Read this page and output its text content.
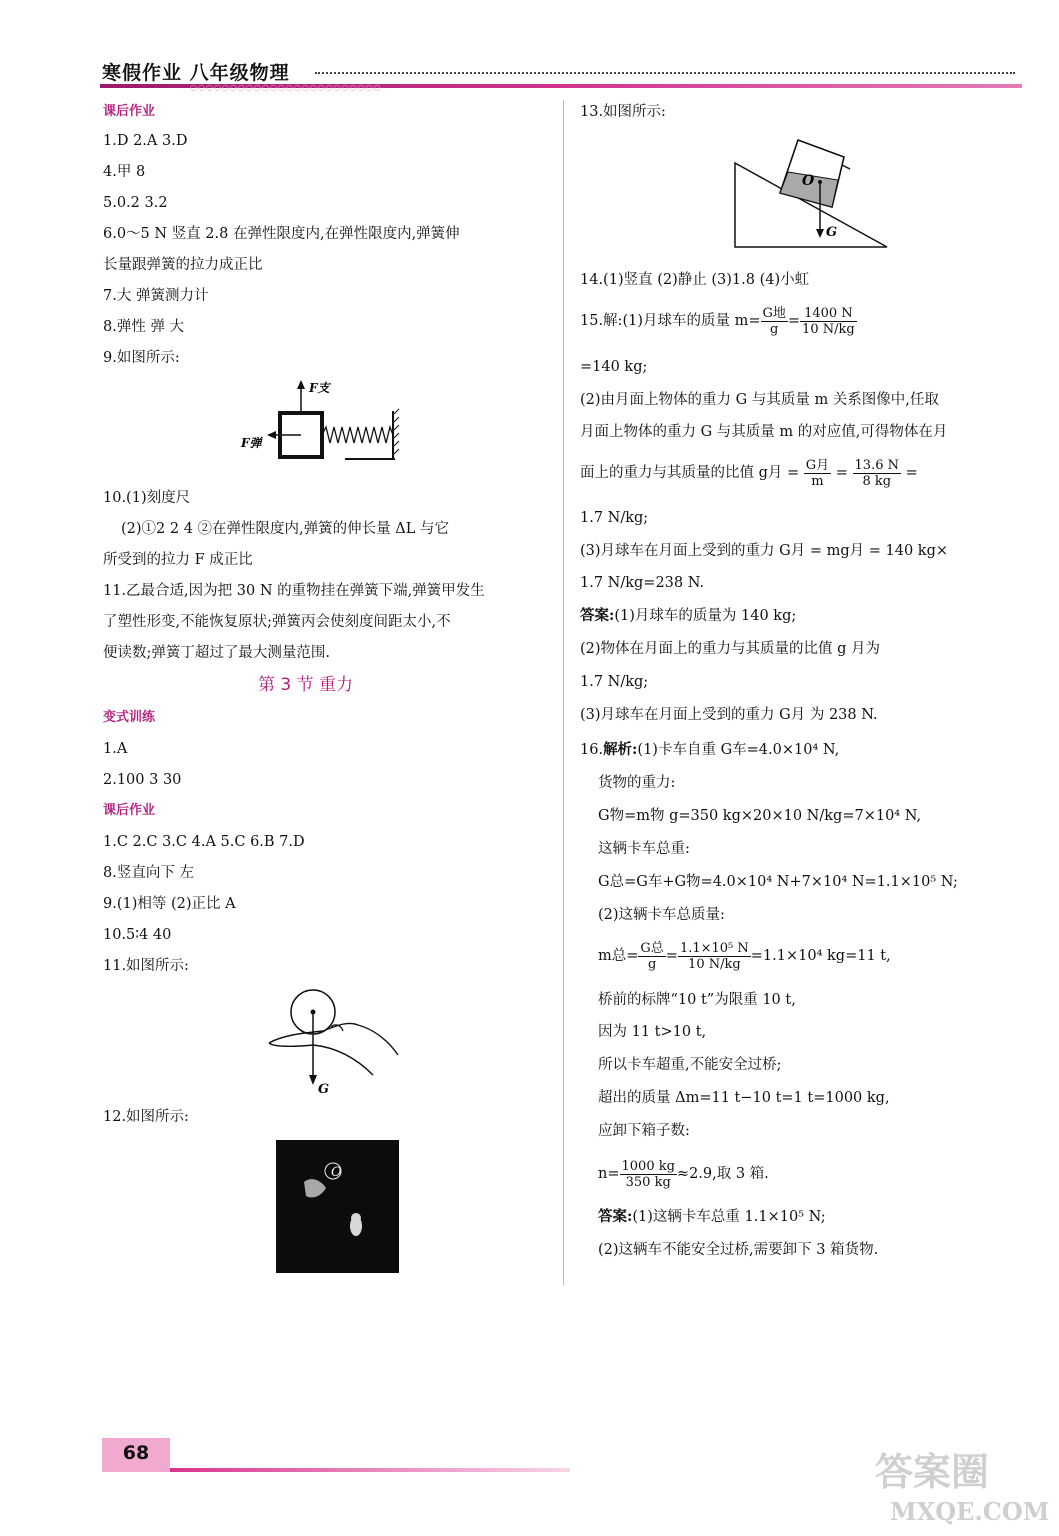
寒假作业 八年级物理
○○○○○○○○○○○○○○○○○○○○○○○○
课后作业
1.D 2.A 3.D
4.甲 8
5.0.2 3.2
6.0～5 N 竖直 2.8 在弹性限度内,在弹性限度内,弹簧伸
长量跟弹簧的拉力成正比
7.大 弹簧测力计
8.弹性 弹 大
9.如图所示:
F支
F弹
10.(1)刻度尺
(2)①2 2 4 ②在弹性限度内,弹簧的伸长量 ΔL 与它
所受到的拉力 F 成正比
11.乙最合适,因为把 30 N 的重物挂在弹簧下端,弹簧甲发生
了塑性形变,不能恢复原状;弹簧丙会使刻度间距太小,不
便读数;弹簧丁超过了最大测量范围.
第 3 节 重力
变式训练
1.A
2.100 3 30
课后作业
1.C 2.C 3.C 4.A 5.C 6.B 7.D
8.竖直向下 左
9.(1)相等 (2)正比 A
10.5∶4 40
11.如图所示:
G
12.如图所示:
O
13.如图所示:
O
G
14.(1)竖直 (2)静止 (3)1.8 (4)小虹
15.解:(1)月球车的质量 $m= \frac{\text{G地}}{g} = \frac{1400 N}{10 N/kg}$
=140 kg;
(2)由月面上物体的重力 G 与其质量 m 关系图像中,任取
月面上物体的重力 G 与其质量 m 的对应值,可得物体在月
面上的重力与其质量的比值 g月 = $\frac{\text{G月}}{m} = \frac{13.6 N}{8 kg}$ =
1.7 N/kg;
(3)月球车在月面上受到的重力 G月 = mg月 = 140 kg×
1.7 N/kg=238 N.
答案:(1)月球车的质量为 140 kg;
(2)物体在月面上的重力与其质量的比值 g 月为
1.7 N/kg;
(3)月球车在月面上受到的重力 G月 为 238 N.
16.解析:(1)卡车自重 G车=4.0×10⁴ N,
货物的重力:
G物=m物 g=350 kg×20×10 N/kg=7×10⁴ N,
这辆卡车总重:
G总=G车+G物=4.0×10⁴ N+7×10⁴ N=1.1×10⁵ N;
(2)这辆卡车总质量:
m总= $\frac{\text{G总}}{g} = \frac{\text{1.1×10⁵ N}}{10 N/kg} =1.1\times 10^4$ kg=11 t,
桥前的标牌“10 t”为限重 10 t,
因为 11 t>10 t,
所以卡车超重,不能安全过桥;
超出的质量 Δm=11 t−10 t=1 t=1000 kg,
应卸下箱子数:
$n= \frac{1000 kg}{350 kg} \approx 2.9$,取 3 箱.
答案:(1)这辆卡车总重 1.1×10⁵ N;
(2)这辆车不能安全过桥,需要卸下 3 箱货物.
68	答案圈
MXQE.COM
